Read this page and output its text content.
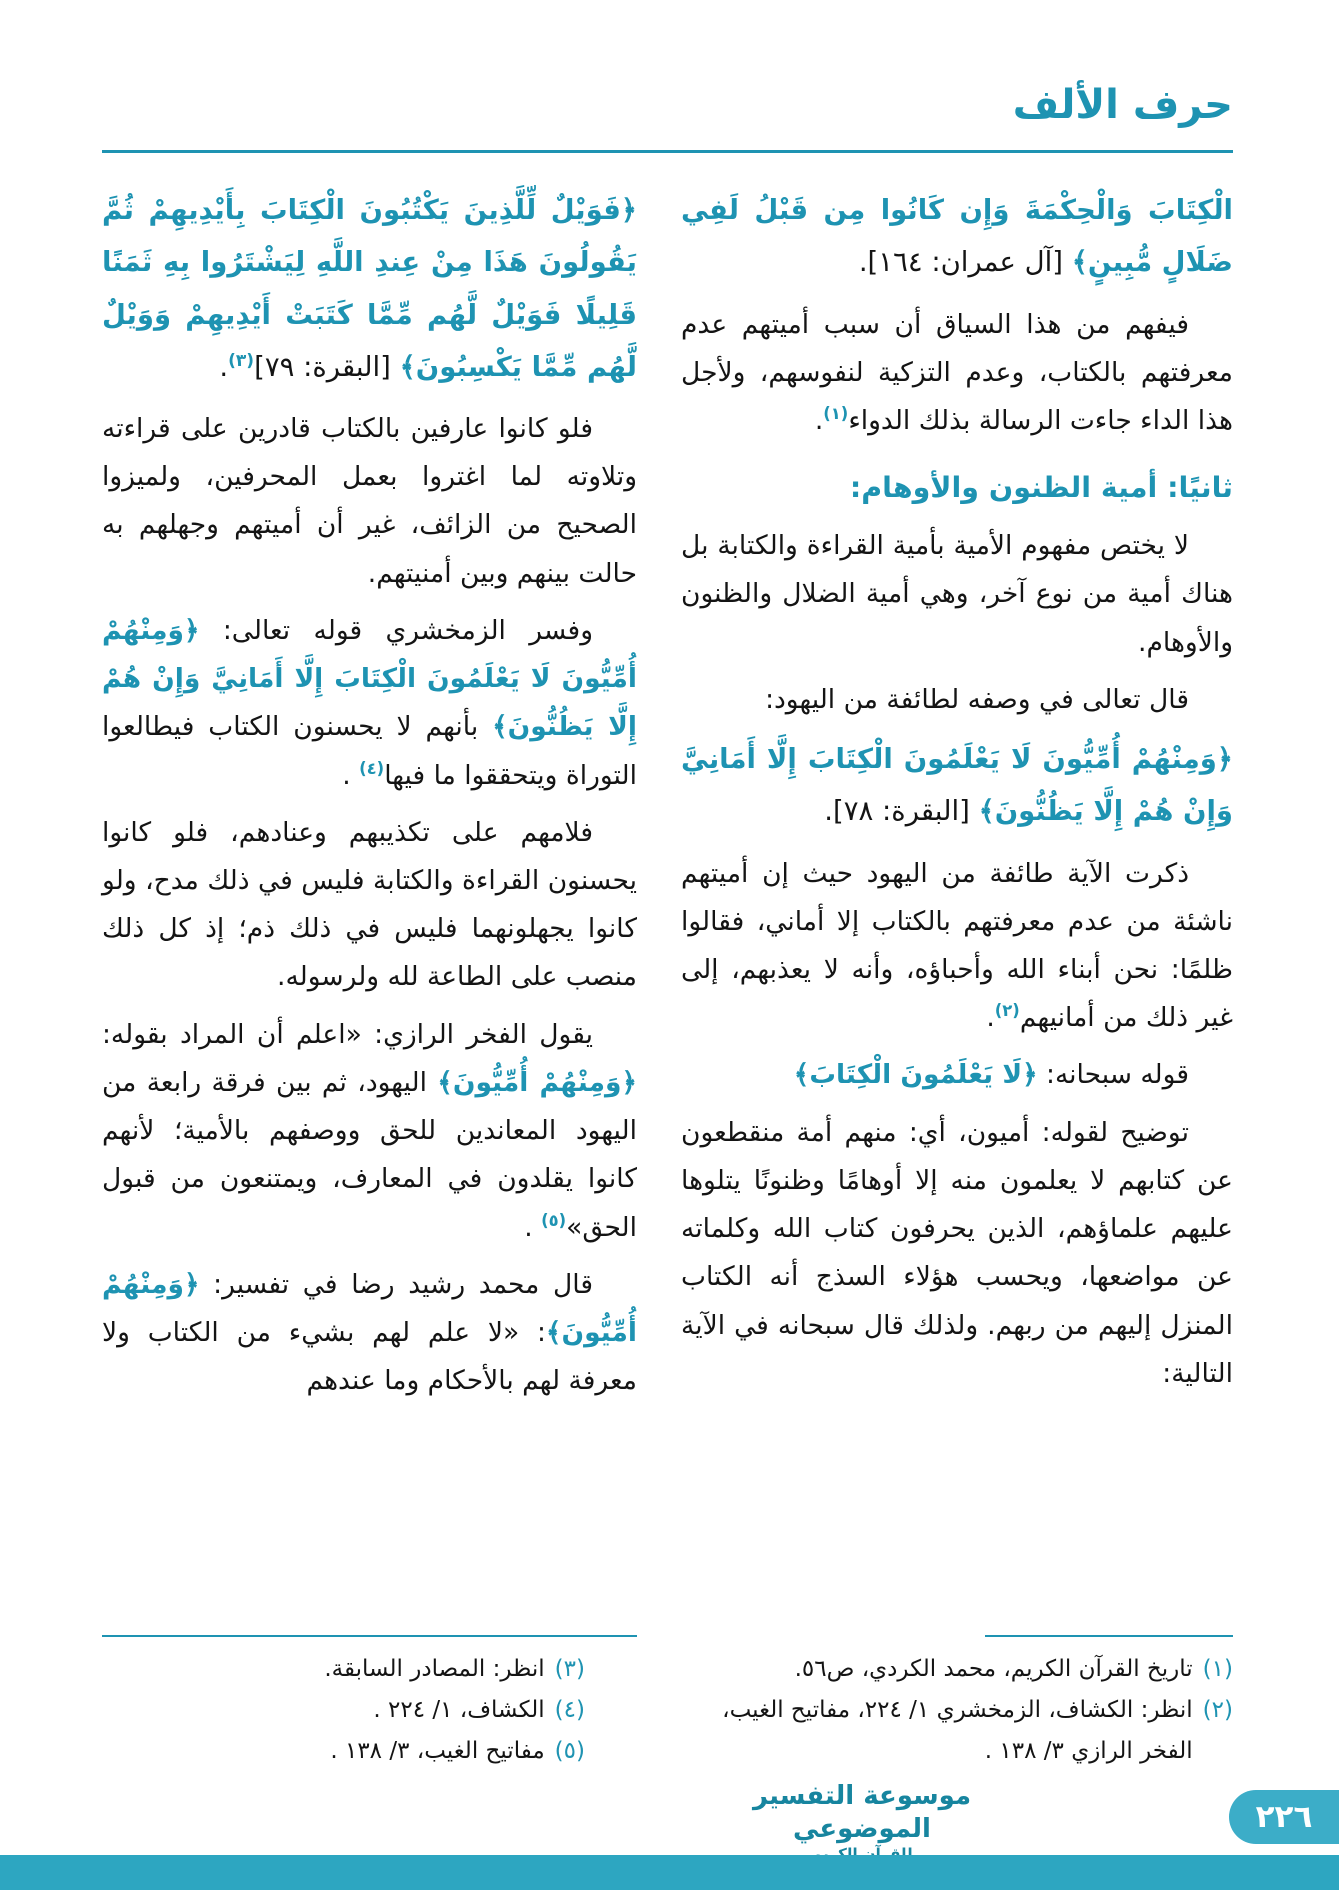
حرف الألف

الْكِتَابَ وَالْحِكْمَةَ وَإِن كَانُوا مِن قَبْلُ لَفِي ضَلَالٍ مُّبِينٍ﴾ [آل عمران: ١٦٤].

فيفهم من هذا السياق أن سبب أميتهم عدم معرفتهم بالكتاب، وعدم التزكية لنفوسهم، ولأجل هذا الداء جاءت الرسالة بذلك الدواء$^{(١)}$.

ثانيًا: أمية الظنون والأوهام:

لا يختص مفهوم الأمية بأمية القراءة والكتابة بل هناك أمية من نوع آخر، وهي أمية الضلال والظنون والأوهام.

قال تعالى في وصفه لطائفة من اليهود:

﴿وَمِنْهُمْ أُمِّيُّونَ لَا يَعْلَمُونَ الْكِتَابَ إِلَّا أَمَانِيَّ وَإِنْ هُمْ إِلَّا يَظُنُّونَ﴾ [البقرة: ٧٨].

ذكرت الآية طائفة من اليهود حيث إن أميتهم ناشئة من عدم معرفتهم بالكتاب إلا أماني، فقالوا ظلمًا: نحن أبناء الله وأحباؤه، وأنه لا يعذبهم، إلى غير ذلك من أمانيهم$^{(٢)}$.

قوله سبحانه: ﴿لَا يَعْلَمُونَ الْكِتَابَ﴾

توضيح لقوله: أميون، أي: منهم أمة منقطعون عن كتابهم لا يعلمون منه إلا أوهامًا وظنونًا يتلوها عليهم علماؤهم، الذين يحرفون كتاب الله وكلماته عن مواضعها، ويحسب هؤلاء السذج أنه الكتاب المنزل إليهم من ربهم. ولذلك قال سبحانه في الآية التالية:

(١)
تاريخ القرآن الكريم، محمد الكردي، ص٥٦.
(٢)
انظر: الكشاف، الزمخشري ١/ ٢٢٤، مفاتيح الغيب، الفخر الرازي ٣/ ١٣٨ .

﴿فَوَيْلٌ لِّلَّذِينَ يَكْتُبُونَ الْكِتَابَ بِأَيْدِيهِمْ ثُمَّ يَقُولُونَ هَذَا مِنْ عِندِ اللَّهِ لِيَشْتَرُوا بِهِ ثَمَنًا قَلِيلًا فَوَيْلٌ لَّهُم مِّمَّا كَتَبَتْ أَيْدِيهِمْ وَوَيْلٌ لَّهُم مِّمَّا يَكْسِبُونَ﴾ [البقرة: ٧٩]$^{(٣)}$.

فلو كانوا عارفين بالكتاب قادرين على قراءته وتلاوته لما اغتروا بعمل المحرفين، ولميزوا الصحيح من الزائف، غير أن أميتهم وجهلهم به حالت بينهم وبين أمنيتهم.

وفسر الزمخشري قوله تعالى: ﴿وَمِنْهُمْ أُمِّيُّونَ لَا يَعْلَمُونَ الْكِتَابَ إِلَّا أَمَانِيَّ وَإِنْ هُمْ إِلَّا يَظُنُّونَ﴾ بأنهم لا يحسنون الكتاب فيطالعوا التوراة ويتحققوا ما فيها$^{(٤)}$ .

فلامهم على تكذيبهم وعنادهم، فلو كانوا يحسنون القراءة والكتابة فليس في ذلك مدح، ولو كانوا يجهلونهما فليس في ذلك ذم؛ إذ كل ذلك منصب على الطاعة لله ولرسوله.

يقول الفخر الرازي: «اعلم أن المراد بقوله: ﴿وَمِنْهُمْ أُمِّيُّونَ﴾ اليهود، ثم بين فرقة رابعة من اليهود المعاندين للحق ووصفهم بالأمية؛ لأنهم كانوا يقلدون في المعارف، ويمتنعون من قبول الحق»$^{(٥)}$ .

قال محمد رشيد رضا في تفسير: ﴿وَمِنْهُمْ أُمِّيُّونَ﴾: «لا علم لهم بشيء من الكتاب ولا معرفة لهم بالأحكام وما عندهم

(٣)
انظر: المصادر السابقة.
(٤)
الكشاف، ١/ ٢٢٤ .
(٥)
مفاتيح الغيب، ٣/ ١٣٨ .
موسوعة التفسير الموضوعي	٢٢٦
